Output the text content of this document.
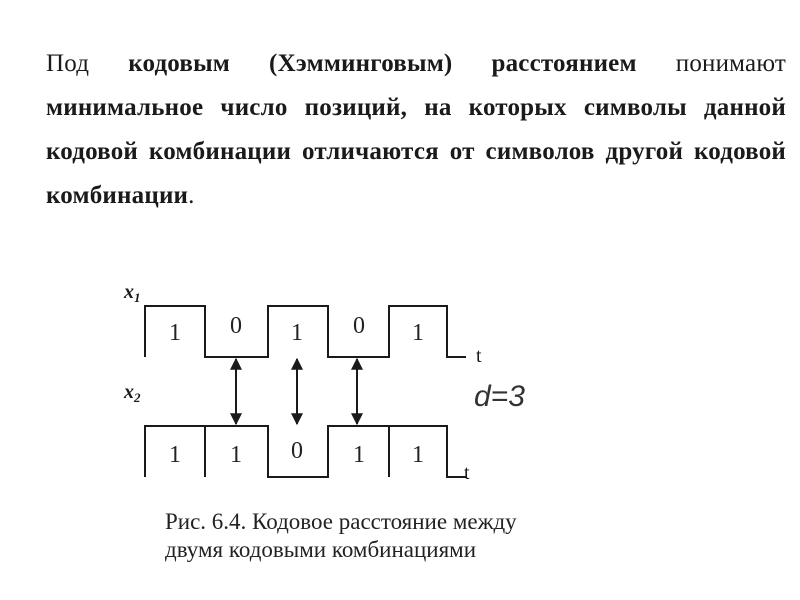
Под кодовым (Хэмминговым) расстоянием понимают минимальное число позиций, на которых символы данной кодовой комбинации отличаются от символов другой кодовой комбинации.
$x_1$
t
1 0 1 0 1
$x_2$
t
1 1 0 1 1
d=3
Рис. 6.4. Кодовое расстояние между
двумя кодовыми комбинациями
